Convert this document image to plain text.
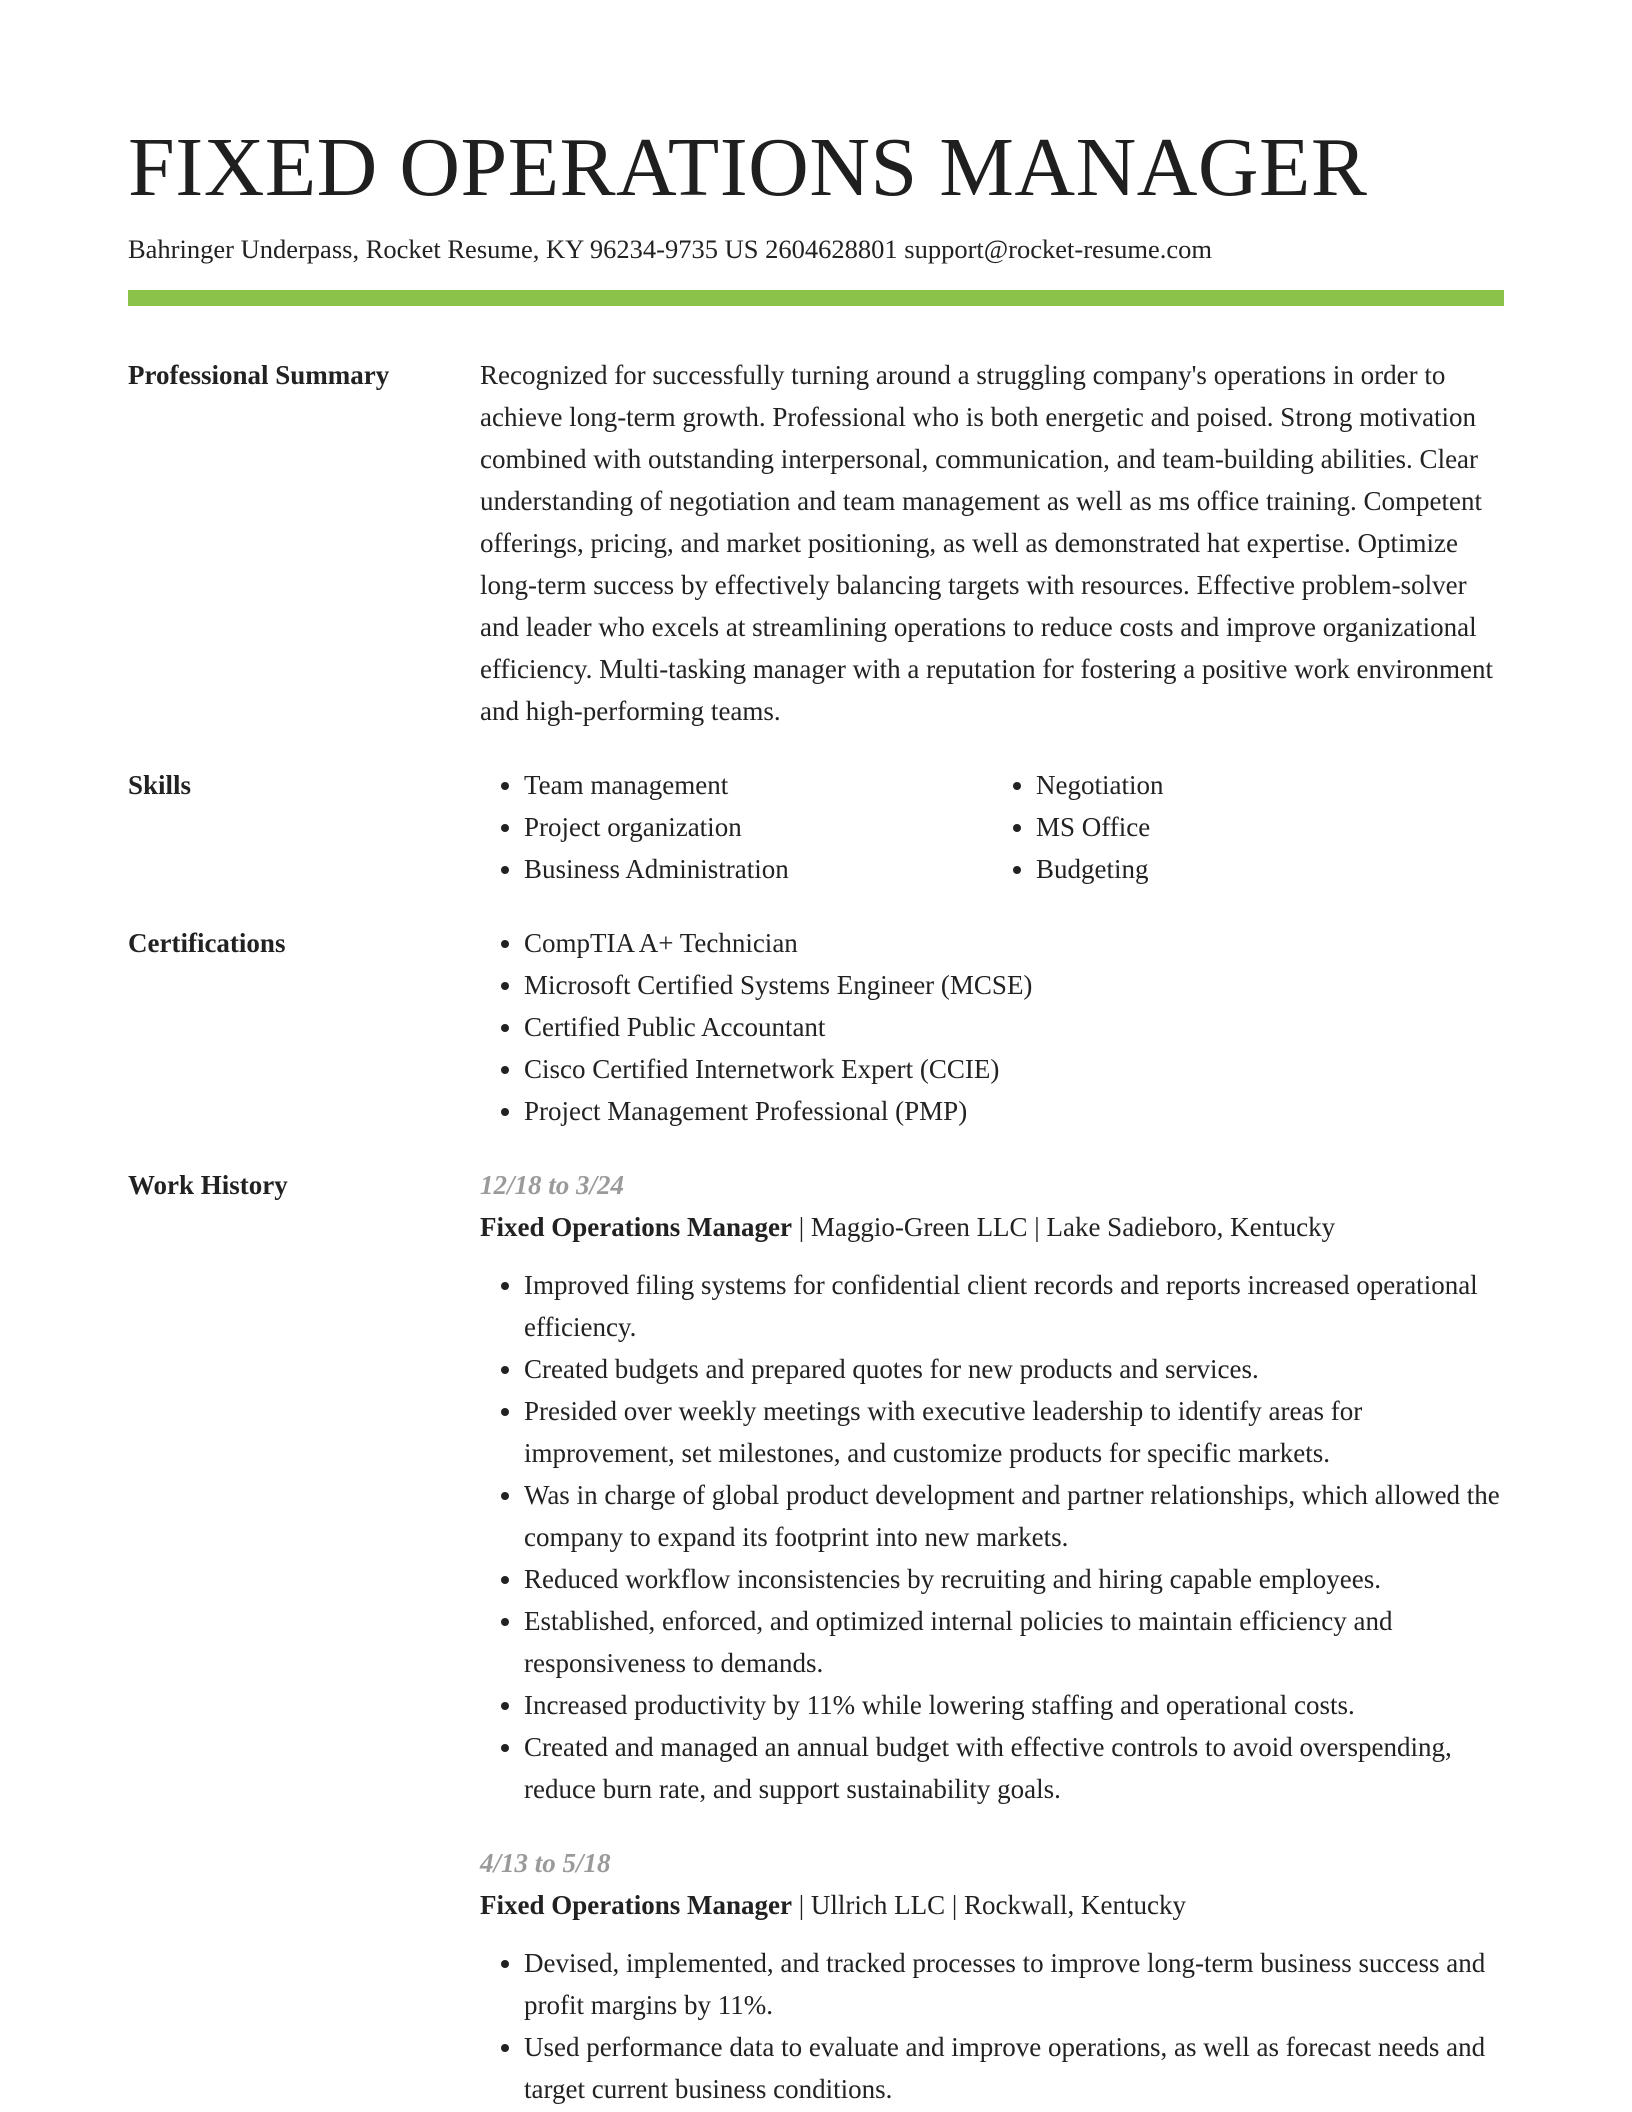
FIXED OPERATIONS MANAGER
Bahringer Underpass, Rocket Resume, KY 96234-9735 US 2604628801 support@rocket-resume.com
Professional Summary	Recognized for successfully turning around a struggling company's operations in order to achieve long-term growth. Professional who is both energetic and poised. Strong motivation combined with outstanding interpersonal, communication, and team-building abilities. Clear understanding of negotiation and team management as well as ms office training. Competent offerings, pricing, and market positioning, as well as demonstrated hat expertise. Optimize long-term success by effectively balancing targets with resources. Effective problem-solver and leader who excels at streamlining operations to reduce costs and improve organizational efficiency. Multi-tasking manager with a reputation for fostering a positive work environment and high-performing teams.
Skills	• Team management
• Project organization
• Business Administration
• Negotiation
• MS Office
• Budgeting
Certifications	• CompTIA A+ Technician
• Microsoft Certified Systems Engineer (MCSE)
• Certified Public Accountant
• Cisco Certified Internetwork Expert (CCIE)
• Project Management Professional (PMP)
Work History	12/18 to 3/24
Fixed Operations Manager | Maggio-Green LLC | Lake Sadieboro, Kentucky
• Improved filing systems for confidential client records and reports increased operational efficiency.
• Created budgets and prepared quotes for new products and services.
• Presided over weekly meetings with executive leadership to identify areas for improvement, set milestones, and customize products for specific markets.
• Was in charge of global product development and partner relationships, which allowed the company to expand its footprint into new markets.
• Reduced workflow inconsistencies by recruiting and hiring capable employees.
• Established, enforced, and optimized internal policies to maintain efficiency and responsiveness to demands.
• Increased productivity by 11% while lowering staffing and operational costs.
• Created and managed an annual budget with effective controls to avoid overspending, reduce burn rate, and support sustainability goals.
4/13 to 5/18
Fixed Operations Manager | Ullrich LLC | Rockwall, Kentucky
• Devised, implemented, and tracked processes to improve long-term business success and profit margins by 11%.
• Used performance data to evaluate and improve operations, as well as forecast needs and target current business conditions.
